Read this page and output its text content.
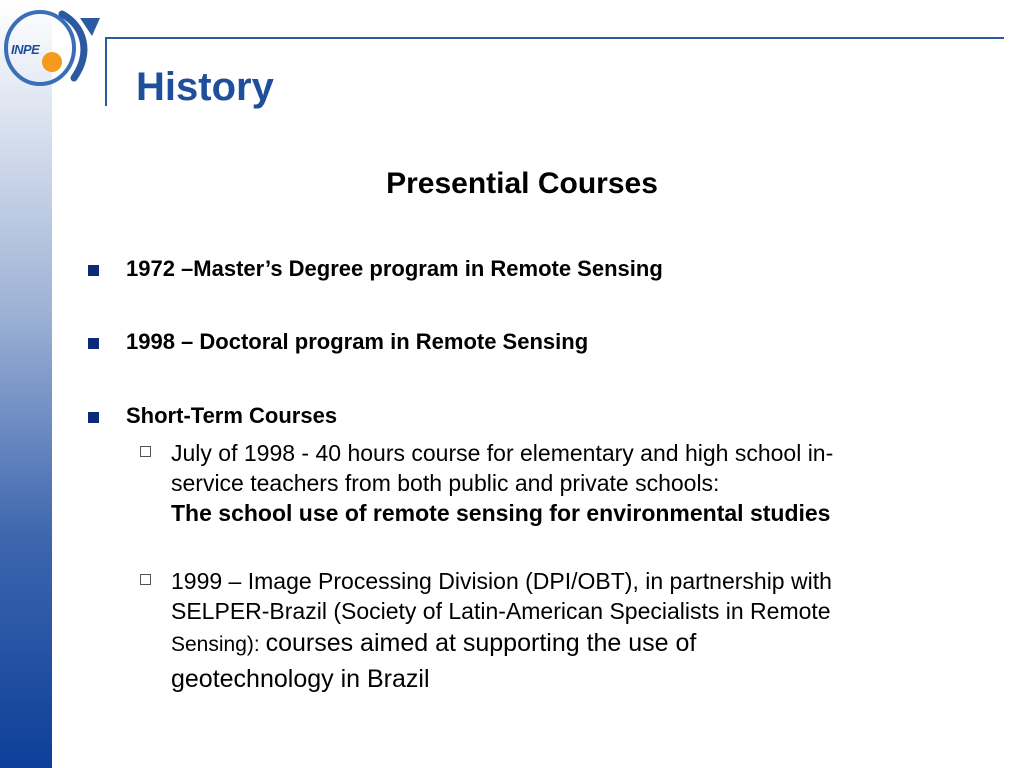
INPE
History
Presential Courses
1972 –Master’s Degree program in Remote Sensing
1998 – Doctoral program in Remote Sensing
Short-Term Courses
July of 1998 - 40 hours course for elementary and high school in-
service teachers from both public and private schools:
The school use of remote sensing for environmental studies
1999 – Image Processing Division (DPI/OBT), in partnership with
SELPER-Brazil (Society of Latin-American Specialists in Remote
Sensing): courses aimed at supporting the use of
geotechnology in Brazil
